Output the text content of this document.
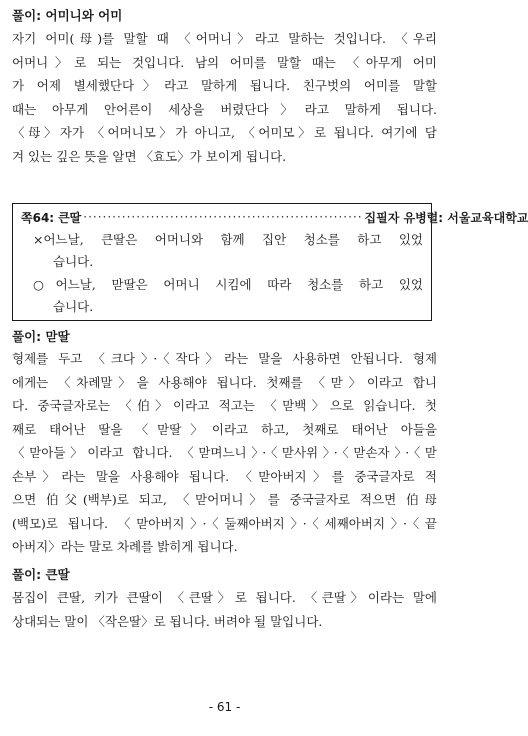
풀이: 어미니와 어미
자기 어미(母)를 말할 때 〈어머니〉라고 말하는 것입니다. 〈우리
어머니〉로 되는 것입니다. 남의 어미를 말할 때는 〈아무게 어미
가 어제 별세했단다〉라고 말하게 됩니다. 친구벗의 어미를 말할
때는 아무게 안어른이 세상을 버렸단다〉라고 말하게 됩니다.
〈母〉자가 〈어머니모〉가 아니고, 〈어미모〉로 됩니다. 여기에 담
겨 있는 깊은 뜻을 알면 〈효도〉가 보이게 됩니다.
쪽64: 큰딸 ·························································· 집필자 유병렬: 서울교육대학교
×어느날, 큰딸은 어머니와 함께 집안 청소를 하고 있었
습니다.
○어느날, 맏딸은 어머니 시킴에 따라 청소를 하고 있었
습니다.
풀이: 맏딸
형제를 두고 〈크다〉·〈작다〉라는 말을 사용하면 안됩니다. 형제
에게는 〈차례말〉을 사용해야 됩니다. 첫째를 〈맏〉이라고 합니
다. 중국글자로는 〈伯〉이라고 적고는 〈맏백〉으로 읽습니다. 첫
째로 태어난 딸을 〈맏딸〉이라고 하고, 첫째로 태어난 아들을
〈맏아들〉이라고 합니다. 〈맏며느니〉·〈맏사위〉·〈맏손자〉·〈맏
손부〉라는 말을 사용해야 됩니다. 〈맏아버지〉를 중국글자로 적
으면 伯父(백부)로 되고, 〈맏어머니〉를 중국글자로 적으면 伯母
(백모)로 됩니다. 〈맏아버지〉·〈둘째아버지〉·〈세째아버지〉·〈끝
아버지〉라는 말로 차례를 밝히게 됩니다.
풀이: 큰딸
몸집이 큰딸, 키가 큰딸이 〈큰딸〉로 됩니다. 〈큰딸〉이라는 말에
상대되는 말이 〈작은딸〉로 됩니다. 버려야 될 말입니다.
- 61 -
